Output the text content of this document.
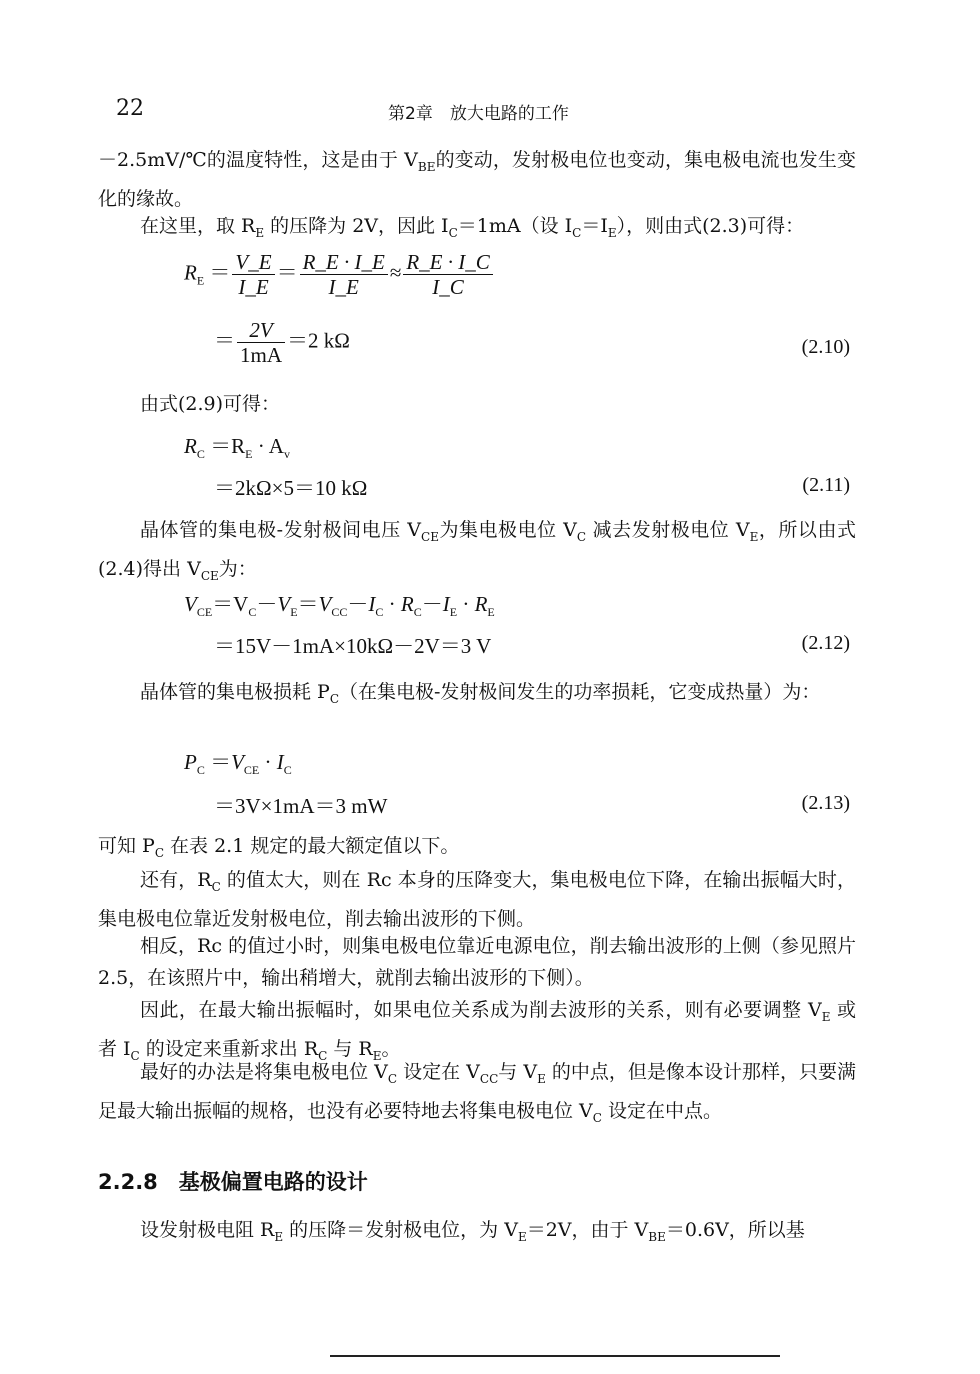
22	第2章　放大电路的工作
－2.5mV/℃的温度特性，这是由于 $V_{BE}$的变动，发射极电位也变动，集电极电流也发生变化的缘故。
在这里，取 $R_E$ 的压降为 2V，因此 $I_C=1mA$（设 $I_C=I_E$），则由式(2.3)可得：
$R_E = \frac{V\_E}{I\_E} = \frac{R\_E \cdot I\_E}{I\_E} \approx \frac{R\_E \cdot I\_C}{I\_C}$
＝ $\frac{2V}{1mA} =2$ kΩ	(2.10)
由式(2.9)可得：
$R_C =R_E \cdot A_v$
＝2kΩ×5＝10 kΩ	(2.11)
晶体管的集电极-发射极间电压 $V_{CE}$为集电极电位 $V_C$ 减去发射极电位 $V_E$，所以由式(2.4)得出 $V_{CE}$为：
$V_{CE}=V_C-V_E=V_{CC}-I_C \cdot R_C-I_E \cdot R_E$
＝15V－1mA×10kΩ－2V＝3 V	(2.12)
晶体管的集电极损耗 $P_C$（在集电极-发射极间发生的功率损耗，它变成热量）为：
$P_C =V_{CE} \cdot I_C$
＝3V×1mA＝3 mW	(2.13)
可知 $P_C$ 在表 2.1 规定的最大额定值以下。
还有，$R_C$ 的值太大，则在 Rc 本身的压降变大，集电极电位下降，在输出振幅大时，集电极电位靠近发射极电位，削去输出波形的下侧。
相反，Rc 的值过小时，则集电极电位靠近电源电位，削去输出波形的上侧（参见照片 2.5，在该照片中，输出稍增大，就削去输出波形的下侧）。
因此，在最大输出振幅时，如果电位关系成为削去波形的关系，则有必要调整 $V_E$ 或者 $I_C$ 的设定来重新求出 $R_C$ 与 $R_E$。
最好的办法是将集电极电位 $V_C$ 设定在 $V_{CC}$与 $V_E$ 的中点，但是像本设计那样，只要满足最大输出振幅的规格，也没有必要特地去将集电极电位 $V_C$ 设定在中点。
2.2.8　基极偏置电路的设计
设发射极电阻 $R_E$ 的压降＝发射极电位，为 $V_E=2V$，由于 $V_{BE}=0.6V$，所以基
